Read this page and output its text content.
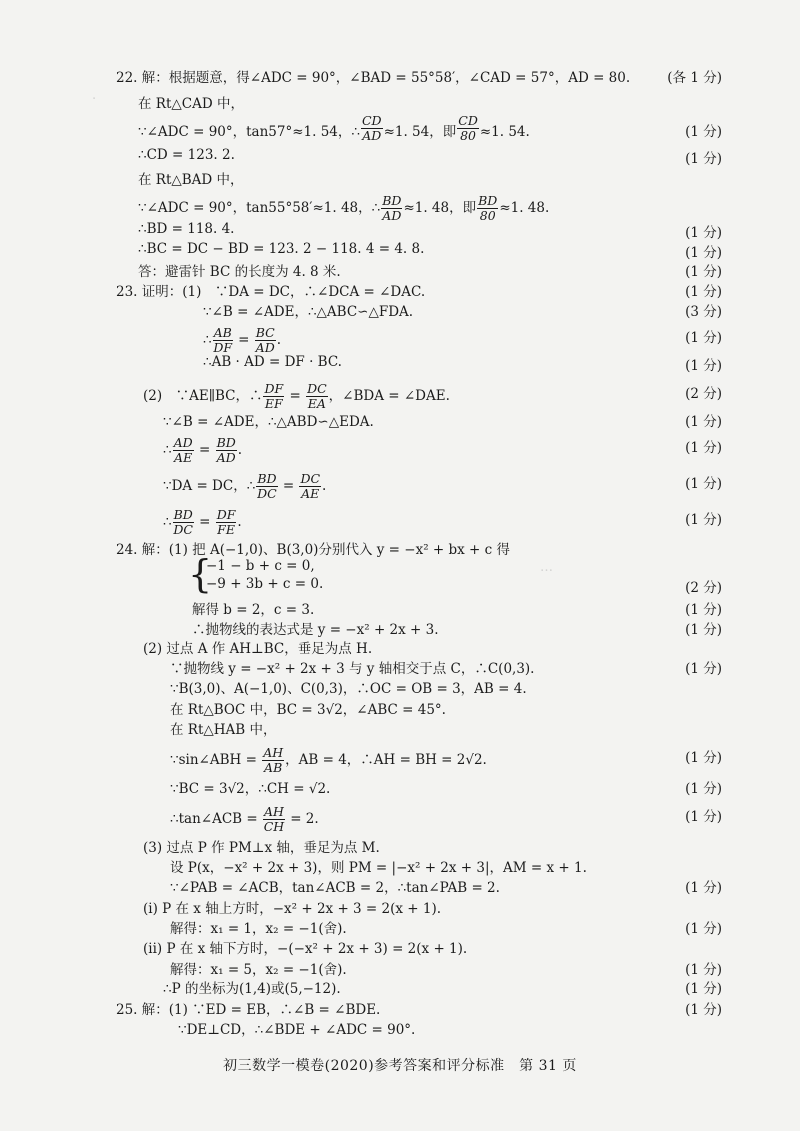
.
…
22. 解：根据题意，得∠ADC = 90°，∠BAD = 55°58′，∠CAD = 57°，AD = 80.	(各 1 分)
在 Rt△CAD 中，
∵∠ADC = 90°，tan57°≈1. 54，∴ $\frac{CD}{AD} \approx 1$. 54，即 $\frac{CD}{80} \approx 1$. 54.	(1 分)
∴CD = 123. 2.	(1 分)
在 Rt△BAD 中，
∵∠ADC = 90°，tan55°58′≈1. 48，∴ $\frac{BD}{AD} \approx 1$. 48，即 $\frac{BD}{80} \approx 1$. 48.
∴BD = 118. 4.	(1 分)
∴BC = DC − BD = 123. 2 − 118. 4 = 4. 8.	(1 分)
答：避雷针 BC 的长度为 4. 8 米.	(1 分)
23. 证明：(1)　∵DA = DC，∴∠DCA = ∠DAC.	(1 分)
∵∠B = ∠ADE，∴△ABC∽△FDA.	(3 分)
∴ $\frac{AB}{DF} = \frac{BC}{AD}$ .	(1 分)
∴AB · AD = DF · BC.	(1 分)
(2)　∵AE∥BC，∴ $\frac{DF}{EF} = \frac{DC}{EA}$ ，∠BDA = ∠DAE.	(2 分)
∵∠B = ∠ADE，∴△ABD∽△EDA.	(1 分)
∴ $\frac{AD}{AE} = \frac{BD}{AD}$ .	(1 分)
∵DA = DC，∴ $\frac{BD}{DC} = \frac{DC}{AE}$ .	(1 分)
∴ $\frac{BD}{DC} = \frac{DF}{FE}$ .	(1 分)
24. 解：(1) 把 A(−1,0)、B(3,0)分别代入 y = −x² + bx + c 得
{
−1 − b + c = 0,
−9 + 3b + c = 0.	(2 分)
解得 b = 2，c = 3.	(1 分)
∴抛物线的表达式是 y = −x² + 2x + 3.	(1 分)
(2) 过点 A 作 AH⊥BC，垂足为点 H.
∵抛物线 y = −x² + 2x + 3 与 y 轴相交于点 C，∴C(0,3).	(1 分)
∵B(3,0)、A(−1,0)、C(0,3)，∴OC = OB = 3，AB = 4.
在 Rt△BOC 中，BC = 3√2，∠ABC = 45°.
在 Rt△HAB 中，
∵sin∠ABH = $\frac{AH}{AB}$ ，AB = 4，∴AH = BH = 2√2.	(1 分)
∵BC = 3√2，∴CH = √2.	(1 分)
∴tan∠ACB = $\frac{AH}{CH} = 2$.	(1 分)
(3) 过点 P 作 PM⊥x 轴，垂足为点 M.
设 P(x，−x² + 2x + 3)，则 PM = |−x² + 2x + 3|，AM = x + 1.
∵∠PAB = ∠ACB，tan∠ACB = 2，∴tan∠PAB = 2.	(1 分)
(i) P 在 x 轴上方时，−x² + 2x + 3 = 2(x + 1).
解得：x₁ = 1，x₂ = −1(舍).	(1 分)
(ii) P 在 x 轴下方时，−(−x² + 2x + 3) = 2(x + 1).
解得：x₁ = 5，x₂ = −1(舍).	(1 分)
∴P 的坐标为(1,4)或(5,−12).	(1 分)
25. 解：(1) ∵ED = EB，∴∠B = ∠BDE.	(1 分)
∵DE⊥CD，∴∠BDE + ∠ADC = 90°.
初三数学一模卷(2020)参考答案和评分标准　第 31 页
